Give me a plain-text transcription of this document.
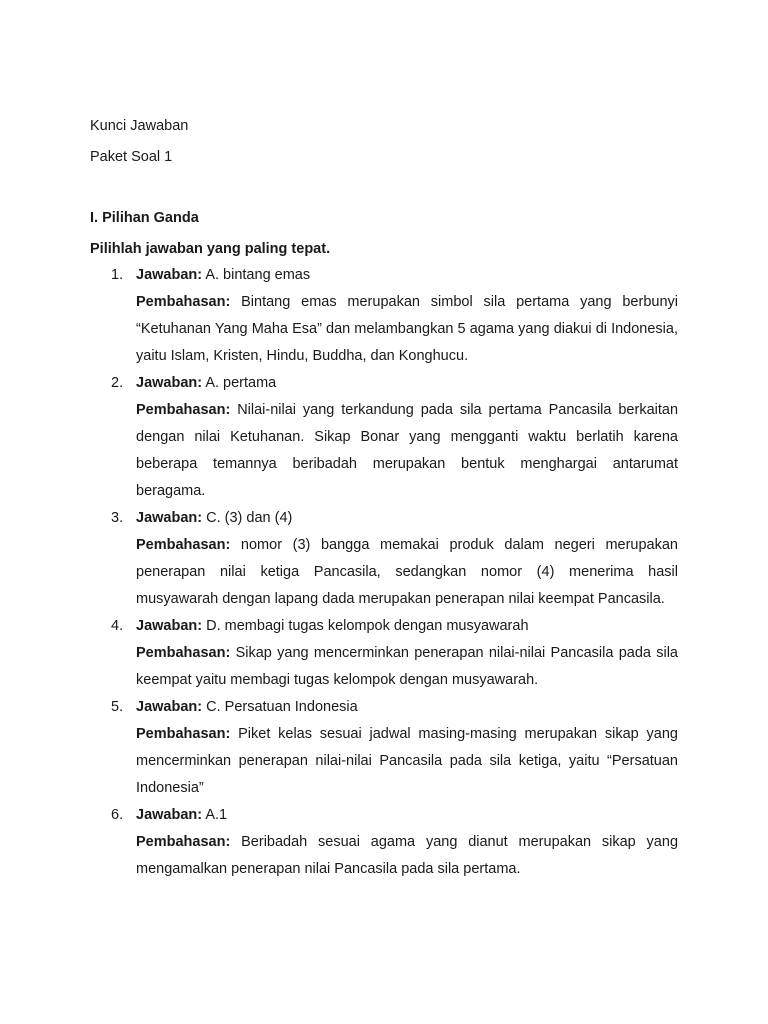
Kunci Jawaban
Paket Soal 1
I. Pilihan Ganda
Pilihlah jawaban yang paling tepat.
1. Jawaban: A. bintang emas
Pembahasan: Bintang emas merupakan simbol sila pertama yang berbunyi “Ketuhanan Yang Maha Esa” dan melambangkan 5 agama yang diakui di Indonesia, yaitu Islam, Kristen, Hindu, Buddha, dan Konghucu.
2. Jawaban: A. pertama
Pembahasan: Nilai-nilai yang terkandung pada sila pertama Pancasila berkaitan dengan nilai Ketuhanan. Sikap Bonar yang mengganti waktu berlatih karena beberapa temannya beribadah merupakan bentuk menghargai antarumat beragama.
3. Jawaban: C. (3) dan (4)
Pembahasan: nomor (3) bangga memakai produk dalam negeri merupakan penerapan nilai ketiga Pancasila, sedangkan nomor (4) menerima hasil musyawarah dengan lapang dada merupakan penerapan nilai keempat Pancasila.
4. Jawaban: D. membagi tugas kelompok dengan musyawarah
Pembahasan: Sikap yang mencerminkan penerapan nilai-nilai Pancasila pada sila keempat yaitu membagi tugas kelompok dengan musyawarah.
5. Jawaban: C. Persatuan Indonesia
Pembahasan: Piket kelas sesuai jadwal masing-masing merupakan sikap yang mencerminkan penerapan nilai-nilai Pancasila pada sila ketiga, yaitu “Persatuan Indonesia”
6. Jawaban: A.1
Pembahasan: Beribadah sesuai agama yang dianut merupakan sikap yang mengamalkan penerapan nilai Pancasila pada sila pertama.
